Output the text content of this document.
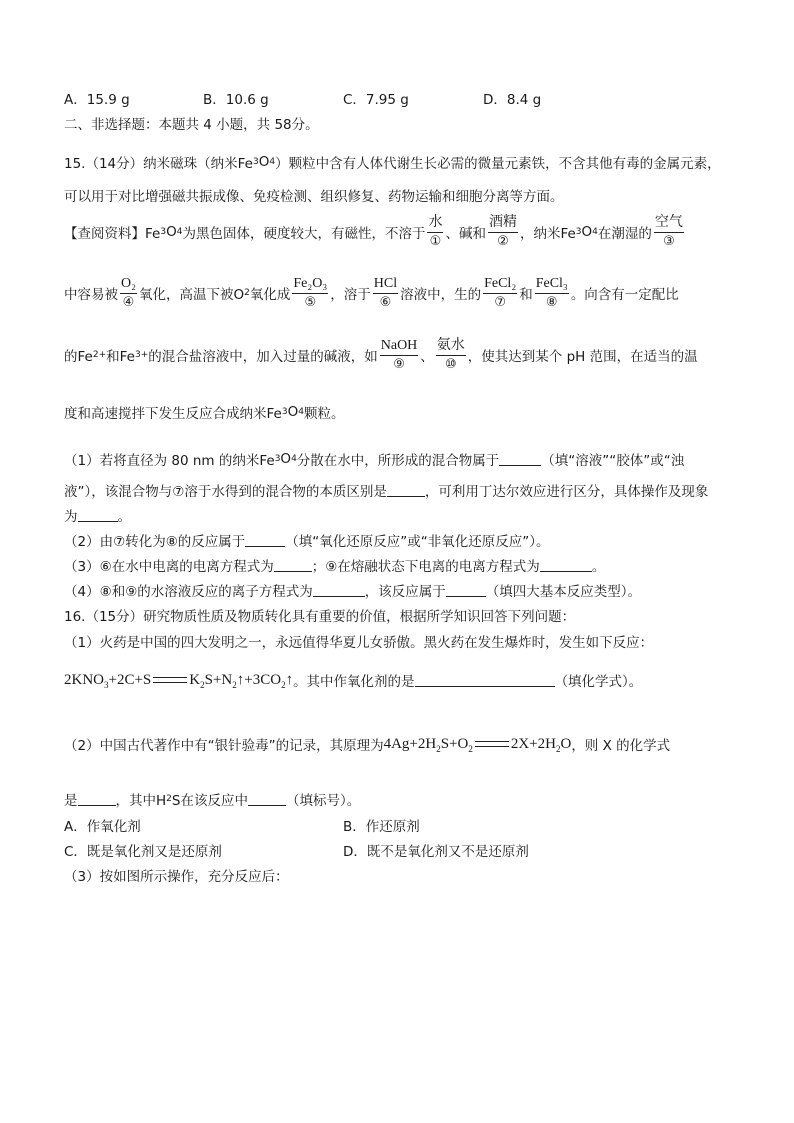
A．15.9 g	B．10.6 g	C．7.95 g	D．8.4 g
二、非选择题：本题共 4 小题，共 58分。
15.（14分）纳米磁珠（纳米Fe 3 O 4 ）颗粒中含有人体代谢生长必需的微量元素铁，不含其他有毒的金属元素，
可以用于对比增强磁共振成像、免疫检测、组织修复、药物运输和细胞分离等方面。
【查阅资料】Fe 3 O 4 为黑色固体，硬度较大，有磁性，不溶于
水
① 、碱和
酒精
② ，纳米Fe 3 O 4 在潮湿的
空气
③
中容易被
O₂
④ 氧化，高温下被O 2 氧化成
Fe₂O₃
⑤ ，溶于
HCl
⑥ 溶液中，生的
FeCl₂
⑦ 和
FeCl₃
⑧ 。向含有一定配比
的Fe 2+ 和Fe 3+ 的混合盐溶液中，加入过量的碱液，如
NaOH
⑨ 、
氨水
⑩ ，使其达到某个 pH 范围，在适当的温
度和高速搅拌下发生反应合成纳米Fe 3 O 4 颗粒。
（1）若将直径为 80 nm 的纳米Fe 3 O 4 分散在水中，所形成的混合物属于	（填“溶液”“胶体”或“浊
液”），该混合物与⑦溶于水得到的混合物的本质区别是	，可利用丁达尔效应进行区分，具体操作及现象
为	。
（2）由⑦转化为⑧的反应属于	（填“氧化还原反应”或“非氧化还原反应”）。
（3）⑥在水中电离的电离方程式为	；⑨在熔融状态下电离的电离方程式为	。
（4）⑧和⑨的水溶液反应的离子方程式为	，该反应属于	（填四大基本反应类型）。
16.（15分）研究物质性质及物质转化具有重要的价值，根据所学知识回答下列问题：
（1）火药是中国的四大发明之一，永远值得华夏儿女骄傲。黑火药在发生爆炸时，发生如下反应：
$2KNO_3+2C+S$	$K_2S+N_2↑+3CO_2↑$ 。其中作氧化剂的是	（填化学式）。
（2）中国古代著作中有“银针验毒”的记录，其原理为 $4Ag+2H_2S+O_2$	$2X+2H_2O$ ，则 X 的化学式
是	，其中H 2 S在该反应中	（填标号）。
A．作氧化剂	B．作还原剂
C．既是氧化剂又是还原剂	D．既不是氧化剂又不是还原剂
（3）按如图所示操作，充分反应后：
